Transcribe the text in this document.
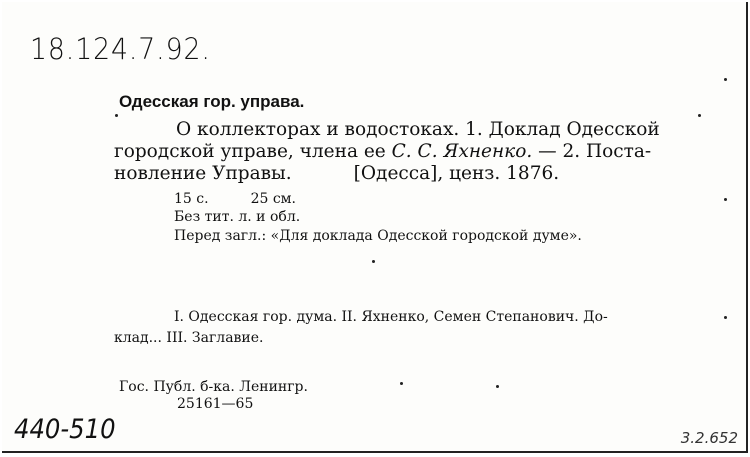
18.124.7.92.
Одесская гор. управа.
О коллекторах и водостоках. 1. Доклад Одесской
городской управе, члена ее С. С. Яхненко. — 2. Поста-
новление Управы.	[Одесса], ценз. 1876.
15 с.	25 см.
Без тит. л. и обл.
Перед загл.: «Для доклада Одесской городской думе».
I. Одесская гор. дума. II. Яхненко, Семен Степанович. До-
клад... III. Заглавие.
Гос. Публ. б-ка. Ленингр.
25161—65
440-510	3.2.652
